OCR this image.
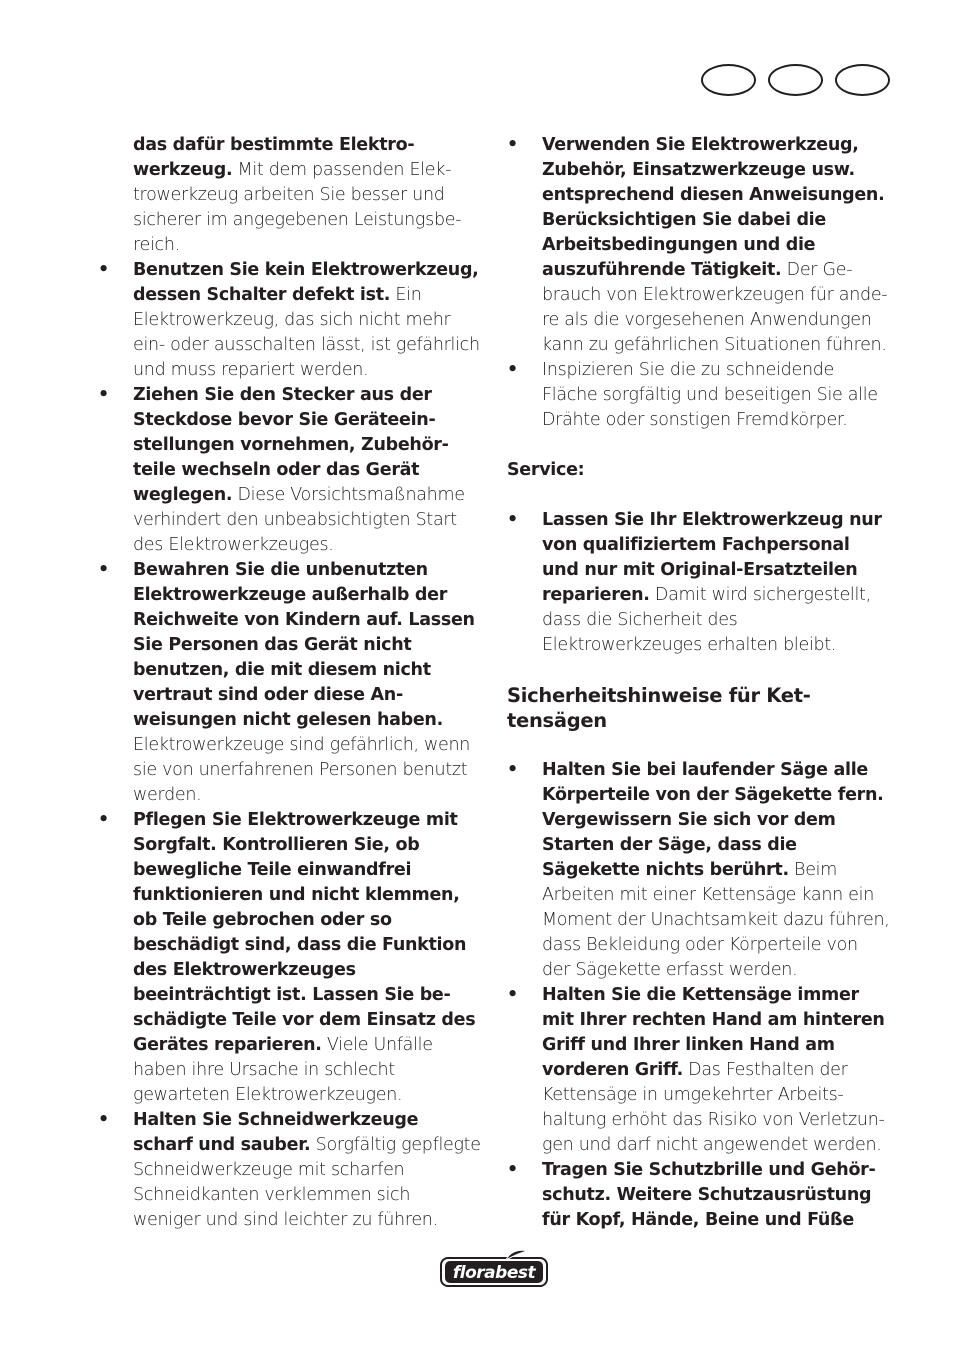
das dafür bestimmte Elektrowerkzeug. Mit dem passenden Elektrowerkzeug arbeiten Sie besser und sicherer im angegebenen Leistungsbereich.

• Benutzen Sie kein Elektrowerkzeug, dessen Schalter defekt ist. Ein Elektrowerkzeug, das sich nicht mehr ein- oder ausschalten lässt, ist gefährlich und muss repariert werden.

• Ziehen Sie den Stecker aus der Steckdose bevor Sie Geräteeinstellungen vornehmen, Zubehörteile wechseln oder das Gerät weglegen. Diese Vorsichtsmaßnahme verhindert den unbeabsichtigten Start des Elektrowerkzeuges.

• Bewahren Sie die unbenutzten Elektrowerkzeuge außerhalb der Reichweite von Kindern auf. Lassen Sie Personen das Gerät nicht benutzen, die mit diesem nicht vertraut sind oder diese Anweisungen nicht gelesen haben. Elektrowerkzeuge sind gefährlich, wenn sie von unerfahrenen Personen benutzt werden.

• Pflegen Sie Elektrowerkzeuge mit Sorgfalt. Kontrollieren Sie, ob bewegliche Teile einwandfrei funktionieren und nicht klemmen, ob Teile gebrochen oder so beschädigt sind, dass die Funktion des Elektrowerkzeuges beeinträchtigt ist. Lassen Sie beschädigte Teile vor dem Einsatz des Gerätes reparieren. Viele Unfälle haben ihre Ursache in schlecht gewarteten Elektrowerkzeugen.

• Halten Sie Schneidwerkzeuge scharf und sauber. Sorgfältig gepflegte Schneidwerkzeuge mit scharfen Schneidkanten verklemmen sich weniger und sind leichter zu führen.

• Verwenden Sie Elektrowerkzeug, Zubehör, Einsatzwerkzeuge usw. entsprechend diesen Anweisungen. Berücksichtigen Sie dabei die Arbeitsbedingungen und die auszuführende Tätigkeit. Der Gebrauch von Elektrowerkzeugen für andere als die vorgesehenen Anwendungen kann zu gefährlichen Situationen führen.

• Inspizieren Sie die zu schneidende Fläche sorgfältig und beseitigen Sie alle Drähte oder sonstigen Fremdkörper.

Service:

• Lassen Sie Ihr Elektrowerkzeug nur von qualifiziertem Fachpersonal und nur mit Original-Ersatzteilen reparieren. Damit wird sichergestellt, dass die Sicherheit des Elektrowerkzeuges erhalten bleibt.

Sicherheitshinweise für Kettensägen

• Halten Sie bei laufender Säge alle Körperteile von der Sägekette fern. Vergewissern Sie sich vor dem Starten der Säge, dass die Sägekette nichts berührt. Beim Arbeiten mit einer Kettensäge kann ein Moment der Unachtsamkeit dazu führen, dass Bekleidung oder Körperteile von der Sägekette erfasst werden.

• Halten Sie die Kettensäge immer mit Ihrer rechten Hand am hinteren Griff und Ihrer linken Hand am vorderen Griff. Das Festhalten der Kettensäge in umgekehrter Arbeitshaltung erhöht das Risiko von Verletzungen und darf nicht angewendet werden.

• Tragen Sie Schutzbrille und Gehörschutz. Weitere Schutzausrüstung für Kopf, Hände, Beine und Füße

florabest
